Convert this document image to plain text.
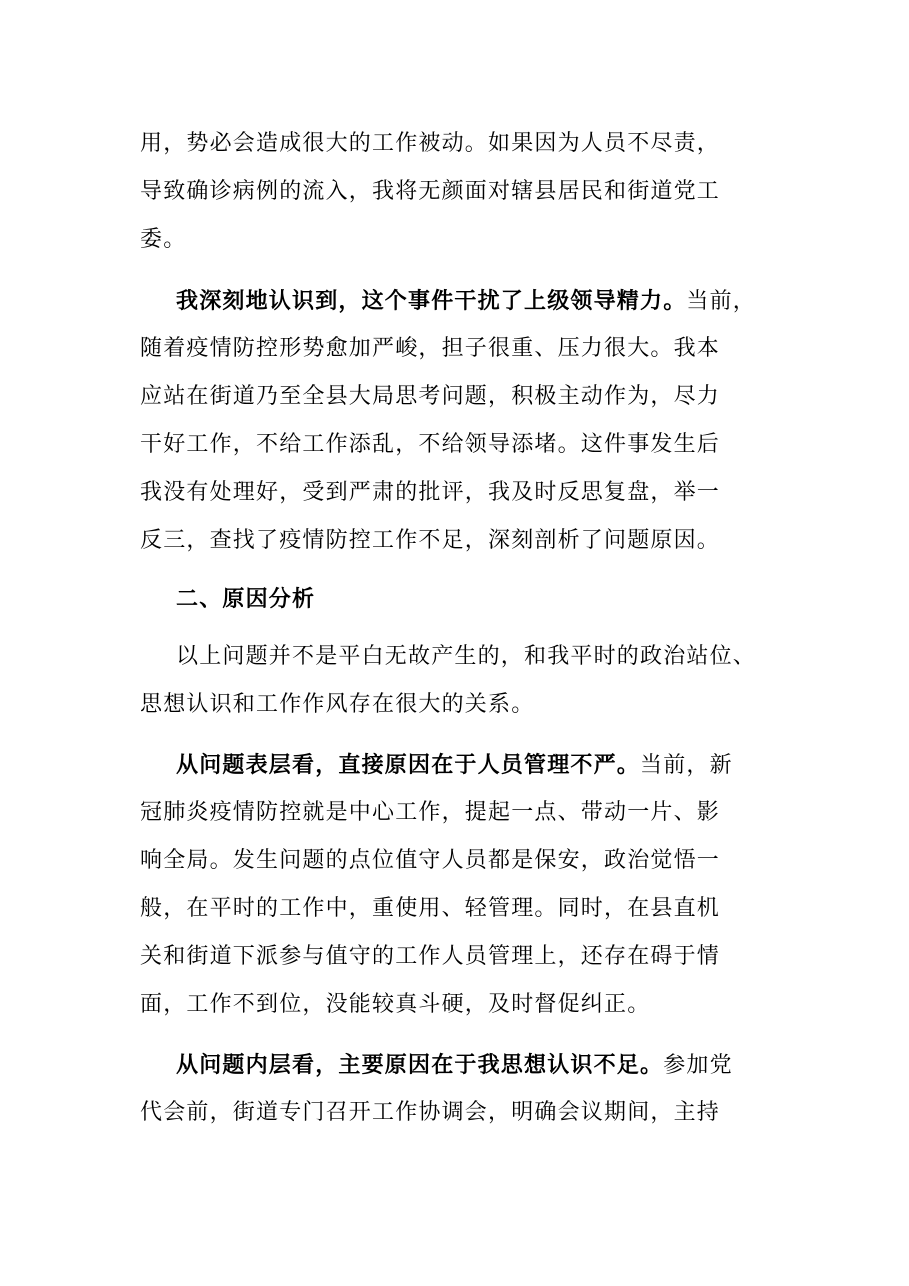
用，势必会造成很大的工作被动。如果因为人员不尽责，
导致确诊病例的流入，我将无颜面对辖县居民和街道党工
委。
我深刻地认识到，这个事件干扰了上级领导精力。当前，
随着疫情防控形势愈加严峻，担子很重、压力很大。我本
应站在街道乃至全县大局思考问题，积极主动作为，尽力
干好工作，不给工作添乱，不给领导添堵。这件事发生后
我没有处理好，受到严肃的批评，我及时反思复盘，举一
反三，查找了疫情防控工作不足，深刻剖析了问题原因。
二、原因分析
以上问题并不是平白无故产生的，和我平时的政治站位、
思想认识和工作作风存在很大的关系。
从问题表层看，直接原因在于人员管理不严。当前，新
冠肺炎疫情防控就是中心工作，提起一点、带动一片、影
响全局。发生问题的点位值守人员都是保安，政治觉悟一
般，在平时的工作中，重使用、轻管理。同时，在县直机
关和街道下派参与值守的工作人员管理上，还存在碍于情
面，工作不到位，没能较真斗硬，及时督促纠正。
从问题内层看，主要原因在于我思想认识不足。参加党
代会前，街道专门召开工作协调会，明确会议期间，主持
